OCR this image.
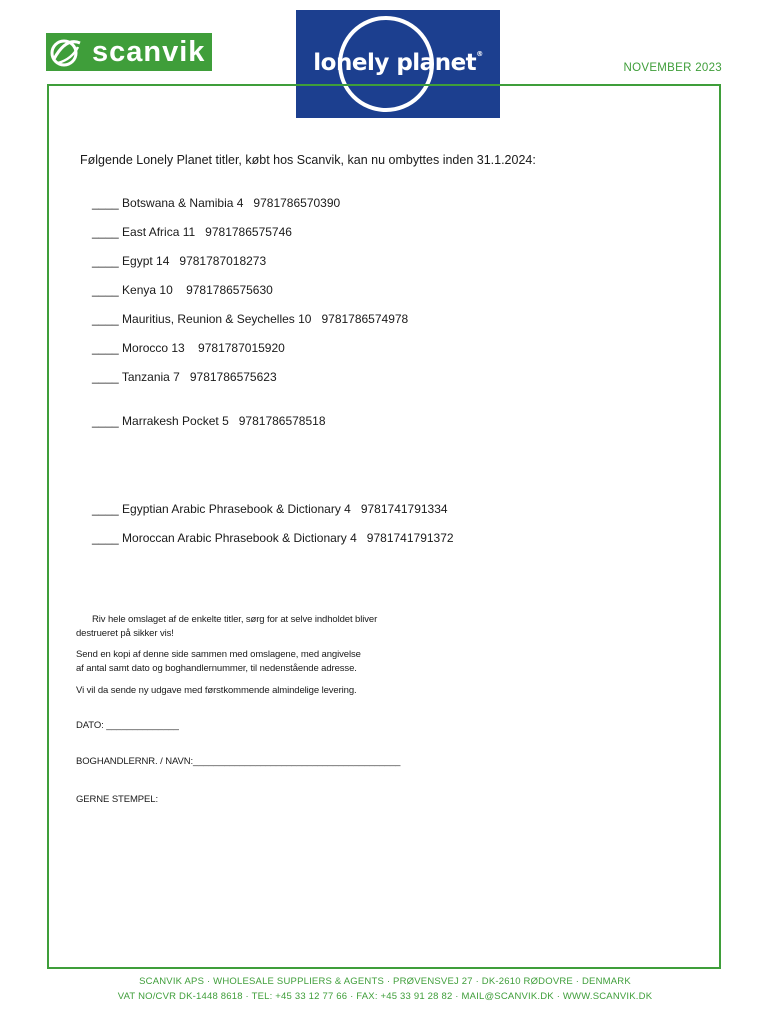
scanvik	lonely planet®
NOVEMBER 2023
Følgende Lonely Planet titler, købt hos Scanvik, kan nu ombyttes inden 31.1.2024:
____ Botswana & Namibia 4   9781786570390
____ East Africa 11   9781786575746
____ Egypt 14   9781787018273
____ Kenya 10    9781786575630
____ Mauritius, Reunion & Seychelles 10   9781786574978
____ Morocco 13    9781787015920
____ Tanzania 7   9781786575623
____ Marrakesh Pocket 5   9781786578518
____ Egyptian Arabic Phrasebook & Dictionary 4   9781741791334
____ Moroccan Arabic Phrasebook & Dictionary 4   9781741791372
Riv hele omslaget af de enkelte titler, sørg for at selve indholdet bliver
destrueret på sikker vis!
Send en kopi af denne side sammen med omslagene, med angivelse
af antal samt dato og boghandlernummer, til nedenstående adresse.
Vi vil da sende ny udgave med førstkommende almindelige levering.
DATO: ______________
BOGHANDLERNR. / NAVN:________________________________________
GERNE STEMPEL:
SCANVIK APS · WHOLESALE SUPPLIERS & AGENTS · PRØVENSVEJ 27 · DK-2610 RØDOVRE · DENMARK
VAT NO/CVR DK-1448 8618 · TEL: +45 33 12 77 66 · FAX: +45 33 91 28 82 · MAIL@SCANVIK.DK · WWW.SCANVIK.DK
